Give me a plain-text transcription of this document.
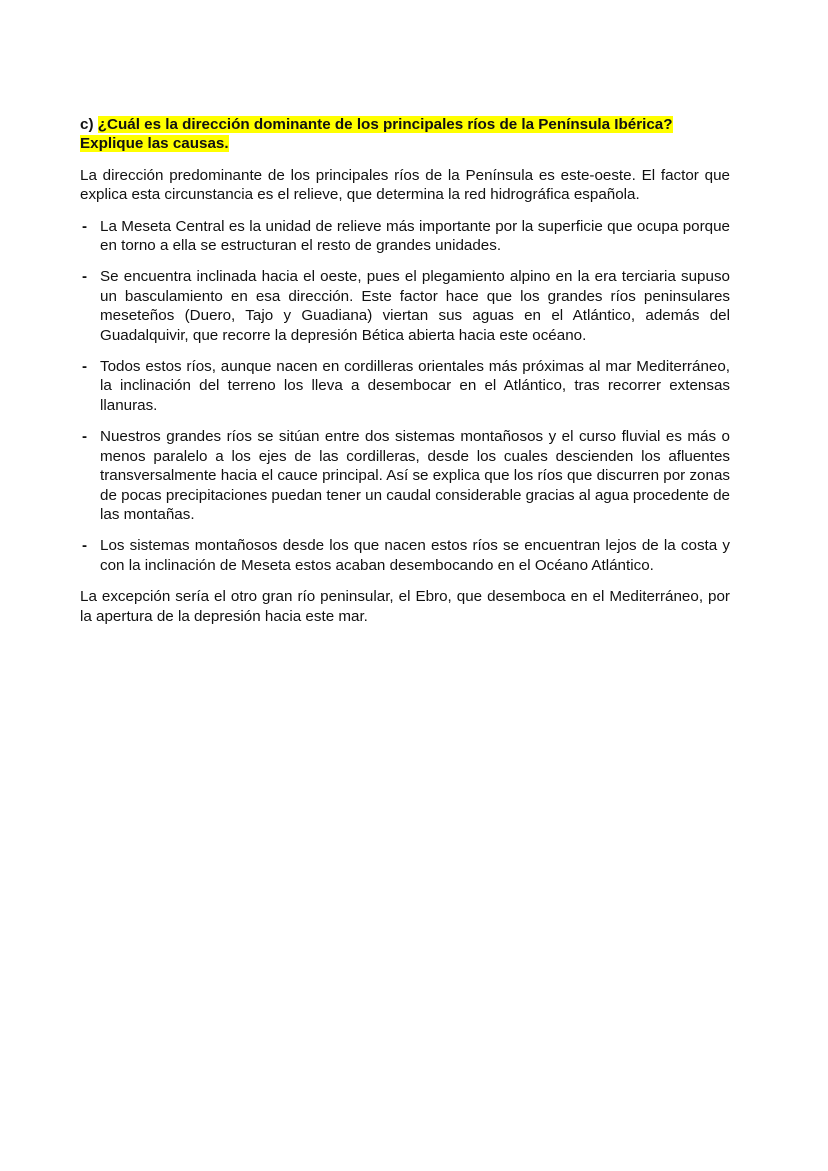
c) ¿Cuál es la dirección dominante de los principales ríos de la Península Ibérica? Explique las causas.

La dirección predominante de los principales ríos de la Península es este-oeste. El factor que explica esta circunstancia es el relieve, que determina la red hidrográfica española.

- La Meseta Central es la unidad de relieve más importante por la superficie que ocupa porque en torno a ella se estructuran el resto de grandes unidades.
- Se encuentra inclinada hacia el oeste, pues el plegamiento alpino en la era terciaria supuso un basculamiento en esa dirección. Este factor hace que los grandes ríos peninsulares meseteños (Duero, Tajo y Guadiana) viertan sus aguas en el Atlántico, además del Guadalquivir, que recorre la depresión Bética abierta hacia este océano.
- Todos estos ríos, aunque nacen en cordilleras orientales más próximas al mar Mediterráneo, la inclinación del terreno los lleva a desembocar en el Atlántico, tras recorrer extensas llanuras.
- Nuestros grandes ríos se sitúan entre dos sistemas montañosos y el curso fluvial es más o menos paralelo a los ejes de las cordilleras, desde los cuales descienden los afluentes transversalmente hacia el cauce principal. Así se explica que los ríos que discurren por zonas de pocas precipitaciones puedan tener un caudal considerable gracias al agua procedente de las montañas.
- Los sistemas montañosos desde los que nacen estos ríos se encuentran lejos de la costa y con la inclinación de Meseta estos acaban desembocando en el Océano Atlántico.

La excepción sería el otro gran río peninsular, el Ebro, que desemboca en el Mediterráneo, por la apertura de la depresión hacia este mar.
